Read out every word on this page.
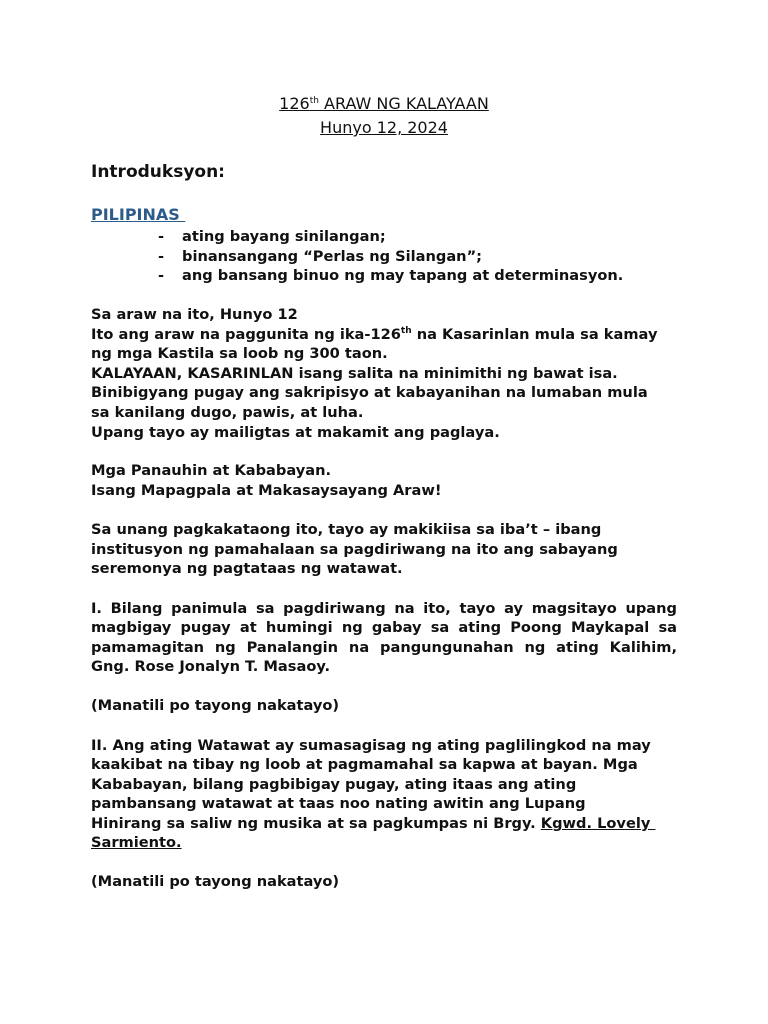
126th ARAW NG KALAYAAN
Hunyo 12, 2024
Introduksyon:
PILIPINAS
- ating bayang sinilangan;
- binansangang “Perlas ng Silangan”;
- ang bansang binuo ng may tapang at determinasyon.
Sa araw na ito, Hunyo 12
Ito ang araw na paggunita ng ika-126th na Kasarinlan mula sa kamay
ng mga Kastila sa loob ng 300 taon.
KALAYAAN, KASARINLAN isang salita na minimithi ng bawat isa.
Binibigyang pugay ang sakripisyo at kabayanihan na lumaban mula
sa kanilang dugo, pawis, at luha.
Upang tayo ay mailigtas at makamit ang paglaya.
Mga Panauhin at Kababayan.
Isang Mapagpala at Makasaysayang Araw!
Sa unang pagkakataong ito, tayo ay makikiisa sa iba’t – ibang
institusyon ng pamahalaan sa pagdiriwang na ito ang sabayang
seremonya ng pagtataas ng watawat.
I. Bilang panimula sa pagdiriwang na ito, tayo ay magsitayo upang
magbigay pugay at humingi ng gabay sa ating Poong Maykapal sa
pamamagitan ng Panalangin na pangungunahan ng ating Kalihim,
Gng. Rose Jonalyn T. Masaoy.
(Manatili po tayong nakatayo)
II. Ang ating Watawat ay sumasagisag ng ating paglilingkod na may
kaakibat na tibay ng loob at pagmamahal sa kapwa at bayan. Mga
Kababayan, bilang pagbibigay pugay, ating itaas ang ating
pambansang watawat at taas noo nating awitin ang Lupang
Hinirang sa saliw ng musika at sa pagkumpas ni Brgy. Kgwd. Lovely
Sarmiento.
(Manatili po tayong nakatayo)
